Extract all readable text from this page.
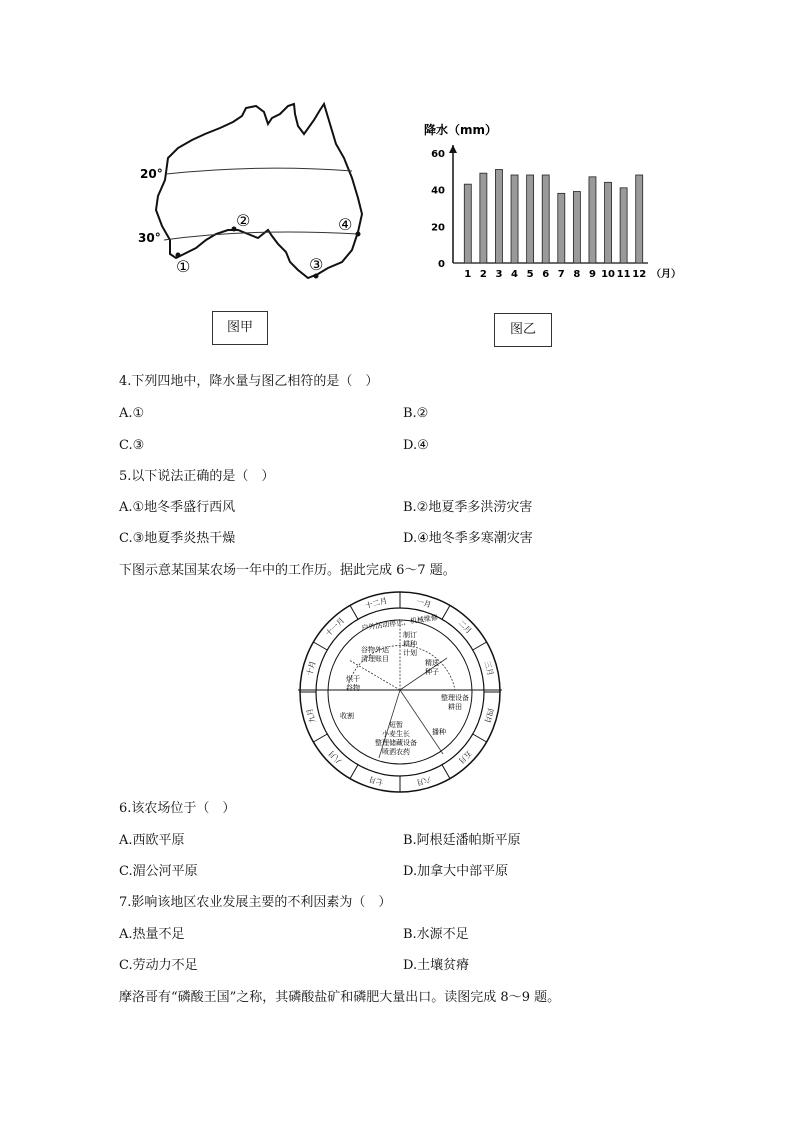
20°
30°
①
②
③
④
图甲
降水（mm）
0
20
40
60
1 2 3 4 5 6 7 8 9 10 11 12 （月）
图乙
4.下列四地中，降水量与图乙相符的是（　）
A.①	B.②
C.③	D.④
5.以下说法正确的是（　）
A.①地冬季盛行西风	B.②地夏季多洪涝灾害
C.③地夏季炎热干燥	D.④地冬季多寒潮灾害
下图示意某国某农场一年中的工作历。据此完成 6～7 题。
一月
二月
三月
四月
五月
六月
七月
八月
九月
十月
十一月
十二月
户外活动停止，机械维修
制订
耕种
计划
谷物外运
清理账目	精选
种子
烘干
谷物
整理设备
耕田
收割
播种
短暂
小麦生长
整理储藏设备
喷洒农药
6.该农场位于（　）
A.西欧平原	B.阿根廷潘帕斯平原
C.湄公河平原	D.加拿大中部平原
7.影响该地区农业发展主要的不利因素为（　）
A.热量不足	B.水源不足
C.劳动力不足	D.土壤贫瘠
摩洛哥有“磷酸王国”之称，其磷酸盐矿和磷肥大量出口。读图完成 8～9 题。
